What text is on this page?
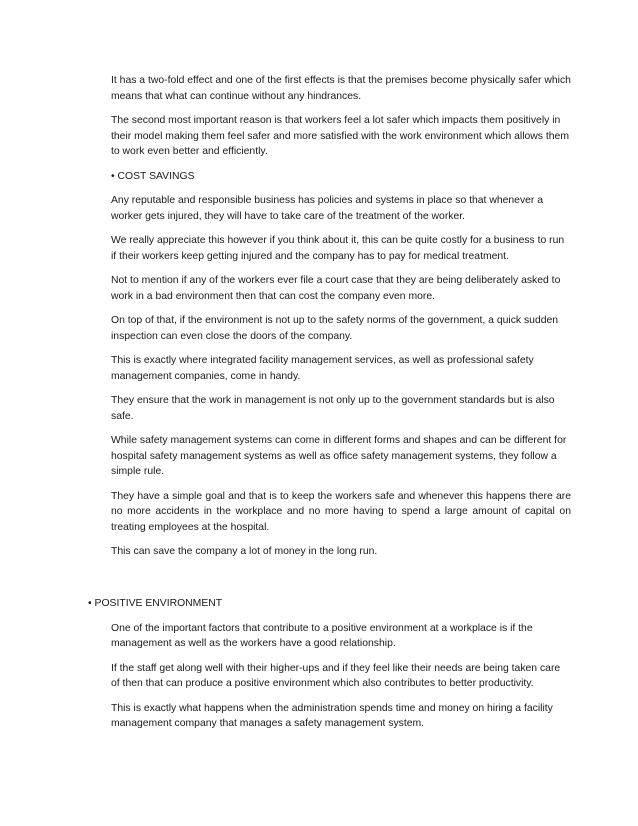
It has a two-fold effect and one of the first effects is that the premises become physically safer which means that what can continue without any hindrances.

The second most important reason is that workers feel a lot safer which impacts them positively in their model making them feel safer and more satisfied with the work environment which allows them to work even better and efficiently.

• COST SAVINGS

Any reputable and responsible business has policies and systems in place so that whenever a worker gets injured, they will have to take care of the treatment of the worker.

We really appreciate this however if you think about it, this can be quite costly for a business to run if their workers keep getting injured and the company has to pay for medical treatment.

Not to mention if any of the workers ever file a court case that they are being deliberately asked to work in a bad environment then that can cost the company even more.

On top of that, if the environment is not up to the safety norms of the government, a quick sudden inspection can even close the doors of the company.

This is exactly where integrated facility management services, as well as professional safety management companies, come in handy.

They ensure that the work in management is not only up to the government standards but is also safe.

While safety management systems can come in different forms and shapes and can be different for hospital safety management systems as well as office safety management systems, they follow a simple rule.

They have a simple goal and that is to keep the workers safe and whenever this happens there are no more accidents in the workplace and no more having to spend a large amount of capital on treating employees at the hospital.

This can save the company a lot of money in the long run.

• POSITIVE ENVIRONMENT

One of the important factors that contribute to a positive environment at a workplace is if the management as well as the workers have a good relationship.

If the staff get along well with their higher-ups and if they feel like their needs are being taken care of then that can produce a positive environment which also contributes to better productivity.

This is exactly what happens when the administration spends time and money on hiring a facility management company that manages a safety management system.
